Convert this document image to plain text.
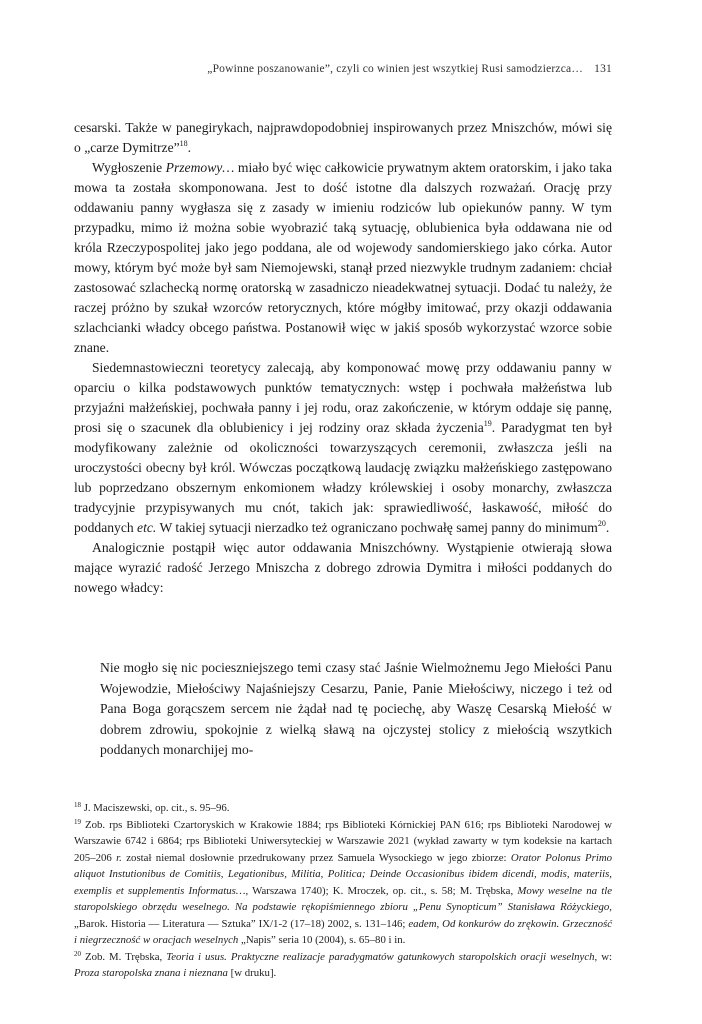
„Powinne poszanowanie”, czyli co winien jest wszytkiej Rusi samodzierzca… 131

cesarski. Także w panegirykach, najprawdopodobniej inspirowanych przez Mniszchów, mówi się o „carze Dymitrze”$^{18}$.

Wygłoszenie Przemowy… miało być więc całkowicie prywatnym aktem oratorskim, i jako taka mowa ta została skomponowana. Jest to dość istotne dla dalszych rozważań. Orację przy oddawaniu panny wygłasza się z zasady w imieniu rodziców lub opiekunów panny. W tym przypadku, mimo iż można sobie wyobrazić taką sytuację, oblubienica była oddawana nie od króla Rzeczypospolitej jako jego poddana, ale od wojewody sandomierskiego jako córka. Autor mowy, którym być może był sam Niemojewski, stanął przed niezwykle trudnym zadaniem: chciał zastosować szlachecką normę oratorską w zasadniczo nieadekwatnej sytuacji. Dodać tu należy, że raczej próżno by szukał wzorców retorycznych, które mógłby imitować, przy okazji oddawania szlachcianki władcy obcego państwa. Postanowił więc w jakiś sposób wykorzystać wzorce sobie znane.

Siedemnastowieczni teoretycy zalecają, aby komponować mowę przy oddawaniu panny w oparciu o kilka podstawowych punktów tematycznych: wstęp i pochwała małżeństwa lub przyjaźni małżeńskiej, pochwała panny i jej rodu, oraz zakończenie, w którym oddaje się pannę, prosi się o szacunek dla oblubienicy i jej rodziny oraz składa życzenia$^{19}$. Paradygmat ten był modyfikowany zależnie od okoliczności towarzyszących ceremonii, zwłaszcza jeśli na uroczystości obecny był król. Wówczas początkową laudację związku małżeńskiego zastępowano lub poprzedzano obszernym enkomionem władzy królewskiej i osoby monarchy, zwłaszcza tradycyjnie przypisywanych mu cnót, takich jak: sprawiedliwość, łaskawość, miłość do poddanych etc. W takiej sytuacji nierzadko też ograniczano pochwałę samej panny do minimum$^{20}$.

Analogicznie postąpił więc autor oddawania Mniszchówny. Wystąpienie otwierają słowa mające wyrazić radość Jerzego Mniszcha z dobrego zdrowia Dymitra i miłości poddanych do nowego władcy:

Nie mogło się nic pocieszniejszego temi czasy stać Jaśnie Wielmożnemu Jego Miełości Panu Wojewodzie, Miełościwy Najaśniejszy Cesarzu, Panie, Panie Miełościwy, niczego i też od Pana Boga gorącszem sercem nie żądał nad tę pociechę, aby Waszę Cesarską Miełość w dobrem zdrowiu, spokojnie z wielką sławą na ojczystej stolicy z miełością wszytkich poddanych monarchijej mo-

$^{18}$ J. Maciszewski, op. cit., s. 95–96.

$^{19}$ Zob. rps Biblioteki Czartoryskich w Krakowie 1884; rps Biblioteki Kórnickiej PAN 616; rps Biblioteki Narodowej w Warszawie 6742 i 6864; rps Biblioteki Uniwersyteckiej w Warszawie 2021 (wykład zawarty w tym kodeksie na kartach 205–206 r. został niemal dosłownie przedrukowany przez Samuela Wysockiego w jego zbiorze: Orator Polonus Primo aliquot Instutionibus de Comitiis, Legationibus, Militia, Politica; Deinde Occasionibus ibidem dicendi, modis, materiis, exemplis et supplementis Informatus…, Warszawa 1740); K. Mroczek, op. cit., s. 58; M. Trębska, Mowy weselne na tle staropolskiego obrzędu weselnego. Na podstawie rękopiśmiennego zbioru „Penu Synopticum” Stanisława Różyckiego, „Barok. Historia — Literatura — Sztuka” IX/1-2 (17–18) 2002, s. 131–146; eadem, Od konkurów do zrękowin. Grzeczność i niegrzeczność w oracjach weselnych „Napis” seria 10 (2004), s. 65–80 i in.

$^{20}$ Zob. M. Trębska, Teoria i usus. Praktyczne realizacje paradygmatów gatunkowych staropolskich oracji weselnych, w: Proza staropolska znana i nieznana [w druku].
